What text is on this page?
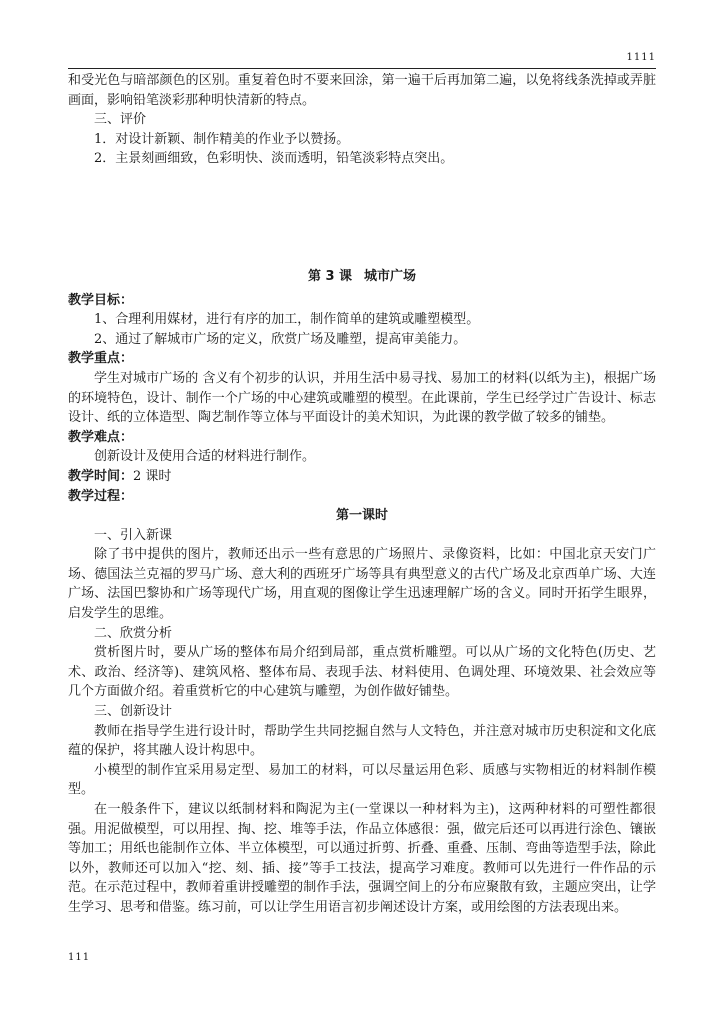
1111

和受光色与暗部颜色的区别。重复着色时不要来回涂，第一遍干后再加第二遍，以免将线条洗掉或弄脏画面，影响铅笔淡彩那种明快清新的特点。

三、评价

1．对设计新颖、制作精美的作业予以赞扬。

2．主景刻画细致，色彩明快、淡而透明，铅笔淡彩特点突出。

第 3 课 城市广场

教学目标：

1、合理利用媒材，进行有序的加工，制作简单的建筑或雕塑模型。

2、通过了解城市广场的定义，欣赏广场及雕塑，提高审美能力。

教学重点：

学生对城市广场的 含义有个初步的认识，并用生活中易寻找、易加工的材料(以纸为主)，根据广场的环境特色，设计、制作一个广场的中心建筑或雕塑的模型。在此课前，学生已经学过广告设计、标志设计、纸的立体造型、陶艺制作等立体与平面设计的美术知识，为此课的教学做了较多的铺垫。

教学难点：

创新设计及使用合适的材料进行制作。

教学时间：2 课时

教学过程：

第一课时

一、引入新课

除了书中提供的图片，教师还出示一些有意思的广场照片、录像资料，比如：中国北京天安门广场、德国法兰克福的罗马广场、意大利的西班牙广场等具有典型意义的古代广场及北京西单广场、大连广场、法国巴黎协和广场等现代广场，用直观的图像让学生迅速理解广场的含义。同时开拓学生眼界，启发学生的思维。

二、欣赏分析

赏析图片时，要从广场的整体布局介绍到局部，重点赏析雕塑。可以从广场的文化特色(历史、艺术、政治、经济等)、建筑风格、整体布局、表现手法、材料使用、色调处理、环境效果、社会效应等几个方面做介绍。着重赏析它的中心建筑与雕塑，为创作做好铺垫。

三、创新设计

教师在指导学生进行设计时，帮助学生共同挖掘自然与人文特色，并注意对城市历史积淀和文化底蕴的保护，将其融人设计构思中。

小模型的制作宜采用易定型、易加工的材料，可以尽量运用色彩、质感与实物相近的材料制作模型。

在一般条件下，建议以纸制材料和陶泥为主(一堂课以一种材料为主)，这两种材料的可塑性都很强。用泥做模型，可以用捏、掏、挖、堆等手法，作品立体感很：强，做完后还可以再进行涂色、镶嵌等加工；用纸也能制作立体、半立体模型，可以通过折剪、折叠、重叠、压制、弯曲等造型手法，除此以外，教师还可以加入“挖、刻、插、接”等手工技法，提高学习难度。教师可以先进行一件作品的示范。在示范过程中，教师着重讲授雕塑的制作手法，强调空间上的分布应聚散有致，主题应突出，让学生学习、思考和借鉴。练习前，可以让学生用语言初步阐述设计方案，或用绘图的方法表现出来。

111
